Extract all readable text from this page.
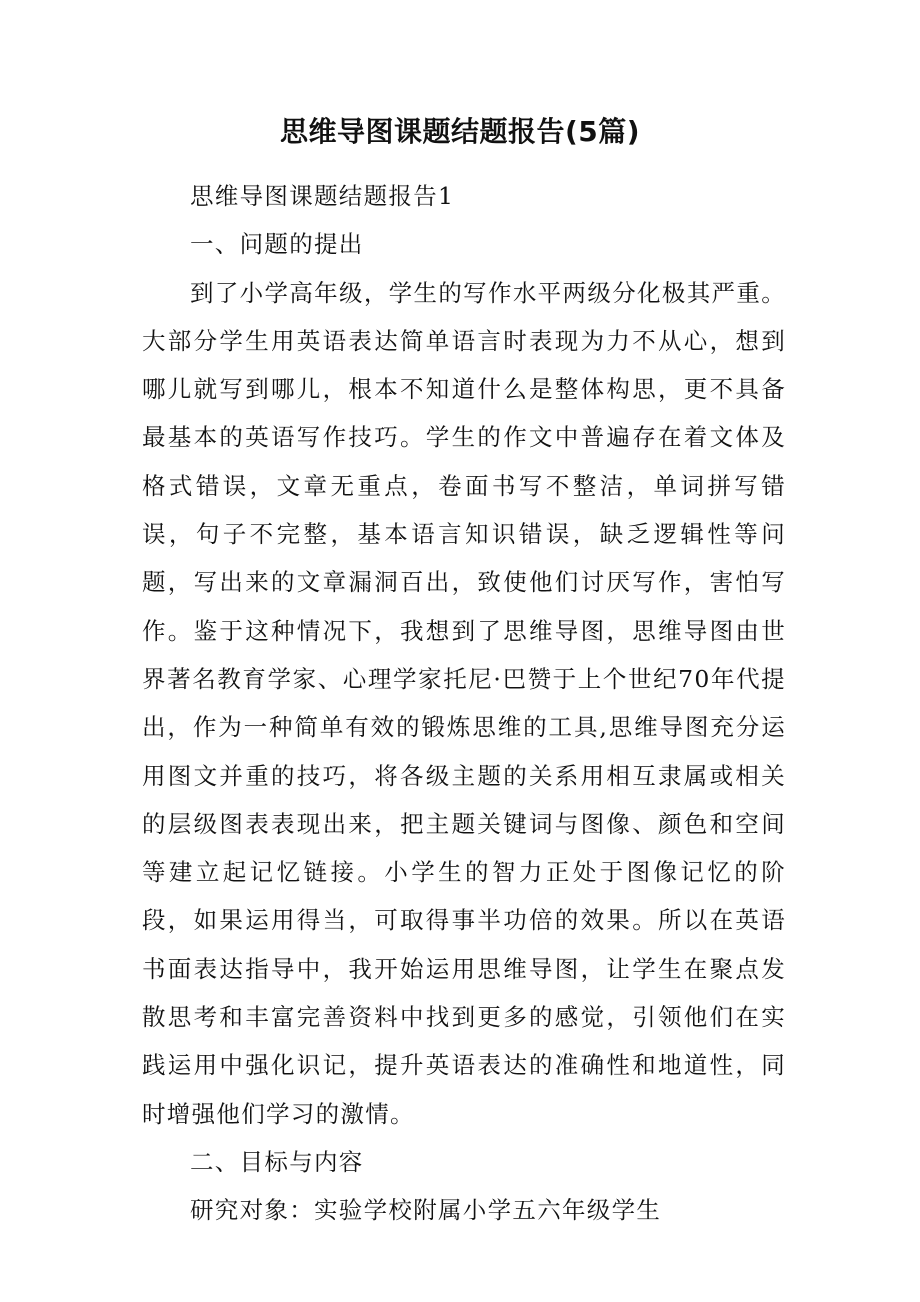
思维导图课题结题报告(5篇)

思维导图课题结题报告1

一、问题的提出

到了小学高年级，学生的写作水平两级分化极其严重。大部分学生用英语表达简单语言时表现为力不从心，想到哪儿就写到哪儿，根本不知道什么是整体构思，更不具备最基本的英语写作技巧。学生的作文中普遍存在着文体及格式错误，文章无重点，卷面书写不整洁，单词拼写错误，句子不完整，基本语言知识错误，缺乏逻辑性等问题，写出来的文章漏洞百出，致使他们讨厌写作，害怕写作。鉴于这种情况下，我想到了思维导图，思维导图由世界著名教育学家、心理学家托尼·巴赞于上个世纪70年代提出，作为一种简单有效的锻炼思维的工具,思维导图充分运用图文并重的技巧，将各级主题的关系用相互隶属或相关的层级图表表现出来，把主题关键词与图像、颜色和空间等建立起记忆链接。小学生的智力正处于图像记忆的阶段，如果运用得当，可取得事半功倍的效果。所以在英语书面表达指导中，我开始运用思维导图，让学生在聚点发散思考和丰富完善资料中找到更多的感觉，引领他们在实践运用中强化识记，提升英语表达的准确性和地道性，同时增强他们学习的激情。

二、目标与内容

研究对象：实验学校附属小学五六年级学生
